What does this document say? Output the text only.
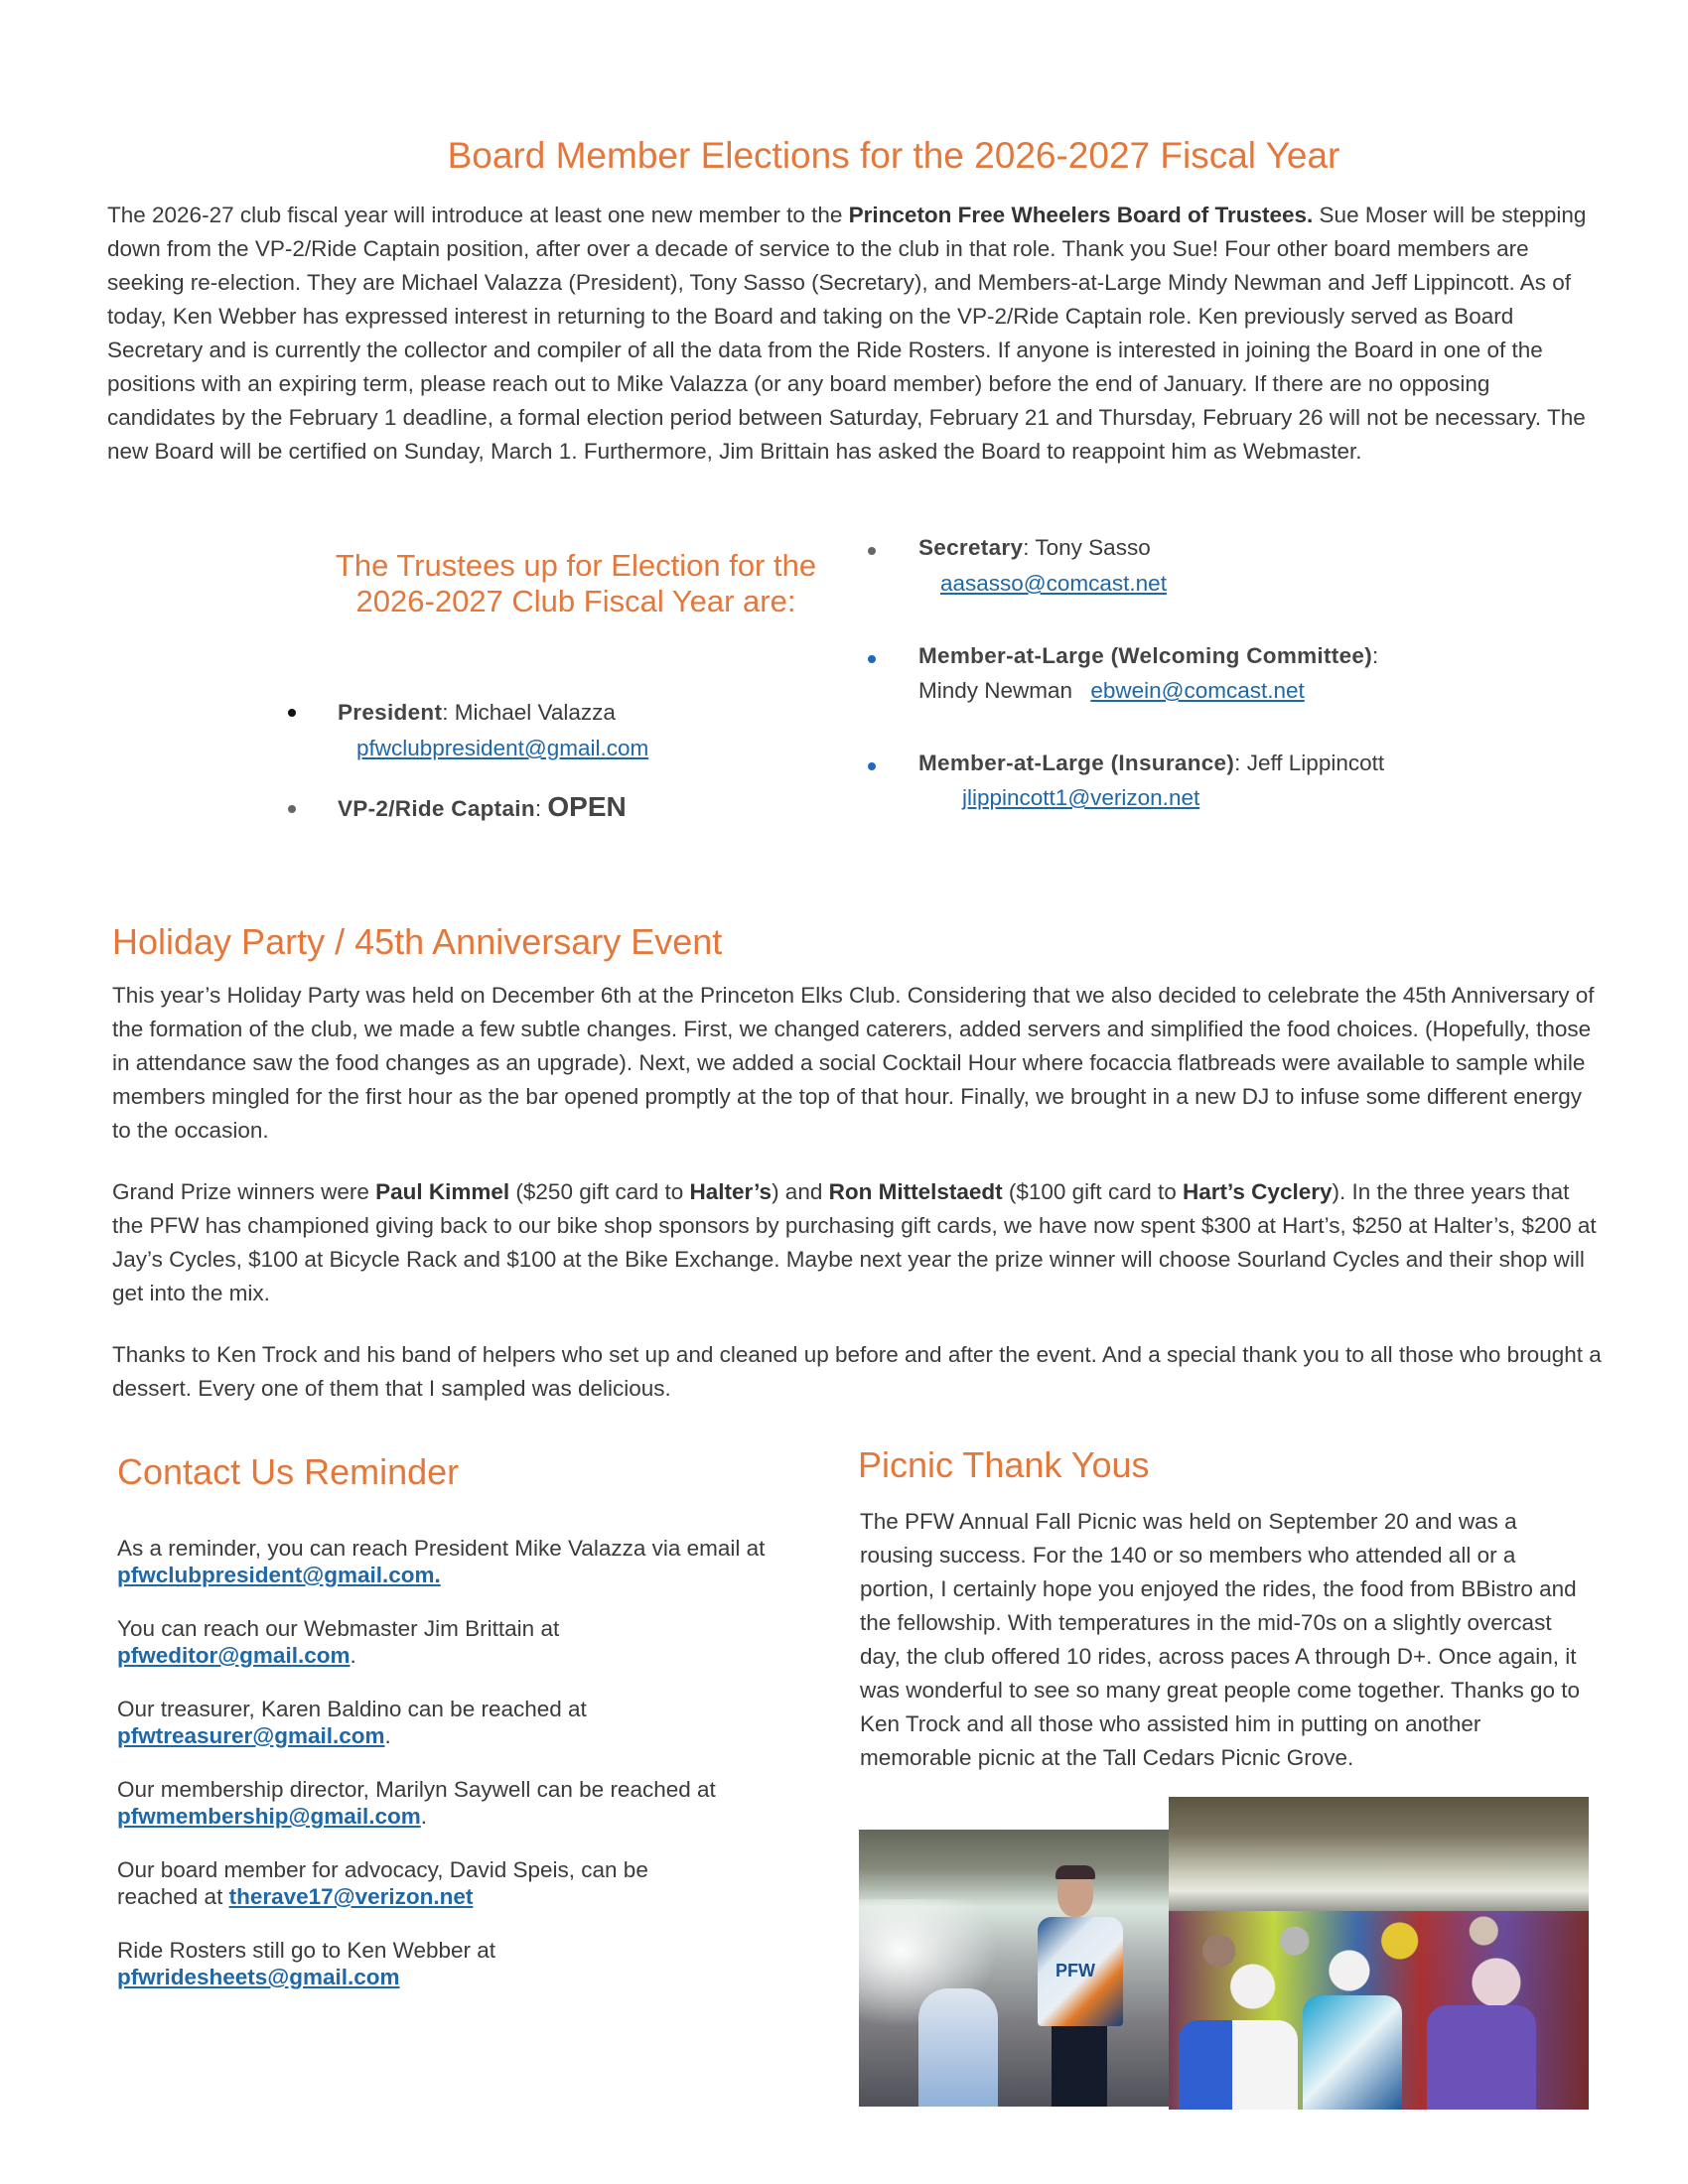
Board Member Elections for the 2026-2027 Fiscal Year

The 2026-27 club fiscal year will introduce at least one new member to the Princeton Free Wheelers Board of Trustees. Sue Moser will be stepping down from the VP-2/Ride Captain position, after over a decade of service to the club in that role. Thank you Sue! Four other board members are seeking re-election. They are Michael Valazza (President), Tony Sasso (Secretary), and Members-at-Large Mindy Newman and Jeff Lippincott. As of today, Ken Webber has expressed interest in returning to the Board and taking on the VP-2/Ride Captain role. Ken previously served as Board Secretary and is currently the collector and compiler of all the data from the Ride Rosters. If anyone is interested in joining the Board in one of the positions with an expiring term, please reach out to Mike Valazza (or any board member) before the end of January. If there are no opposing candidates by the February 1 deadline, a formal election period between Saturday, February 21 and Thursday, February 26 will not be necessary. The new Board will be certified on Sunday, March 1. Furthermore, Jim Brittain has asked the Board to reappoint him as Webmaster.

The Trustees up for Election for the
2026-2027 Club Fiscal Year are:
President: Michael Valazza
pfwclubpresident@gmail.com
VP-2/Ride Captain: OPEN
Secretary: Tony Sasso
aasasso@comcast.net
Member-at-Large (Welcoming Committee):
Mindy Newman ebwein@comcast.net
Member-at-Large (Insurance): Jeff Lippincott
jlippincott1@verizon.net
Holiday Party / 45th Anniversary Event

This year’s Holiday Party was held on December 6th at the Princeton Elks Club. Considering that we also decided to celebrate the 45th Anniversary of the formation of the club, we made a few subtle changes. First, we changed caterers, added servers and simplified the food choices. (Hopefully, those in attendance saw the food changes as an upgrade). Next, we added a social Cocktail Hour where focaccia flatbreads were available to sample while members mingled for the first hour as the bar opened promptly at the top of that hour. Finally, we brought in a new DJ to infuse some different energy to the occasion.

Grand Prize winners were Paul Kimmel ($250 gift card to Halter’s) and Ron Mittelstaedt ($100 gift card to Hart’s Cyclery). In the three years that the PFW has championed giving back to our bike shop sponsors by purchasing gift cards, we have now spent $300 at Hart’s, $250 at Halter’s, $200 at Jay’s Cycles, $100 at Bicycle Rack and $100 at the Bike Exchange. Maybe next year the prize winner will choose Sourland Cycles and their shop will get into the mix.

Thanks to Ken Trock and his band of helpers who set up and cleaned up before and after the event. And a special thank you to all those who brought a dessert. Every one of them that I sampled was delicious.

Contact Us Reminder

As a reminder, you can reach President Mike Valazza via email at pfwclubpresident@gmail.com.

You can reach our Webmaster Jim Brittain at pfweditor@gmail.com.

Our treasurer, Karen Baldino can be reached at pfwtreasurer@gmail.com.

Our membership director, Marilyn Saywell can be reached at pfwmembership@gmail.com.

Our board member for advocacy, David Speis, can be reached at therave17@verizon.net

Ride Rosters still go to Ken Webber at pfwridesheets@gmail.com

Picnic Thank Yous

The PFW Annual Fall Picnic was held on September 20 and was a rousing success. For the 140 or so members who attended all or a portion, I certainly hope you enjoyed the rides, the food from BBistro and the fellowship. With temperatures in the mid-70s on a slightly overcast day, the club offered 10 rides, across paces A through D+. Once again, it was wonderful to see so many great people come together. Thanks go to Ken Trock and all those who assisted him in putting on another memorable picnic at the Tall Cedars Picnic Grove.

PFW
